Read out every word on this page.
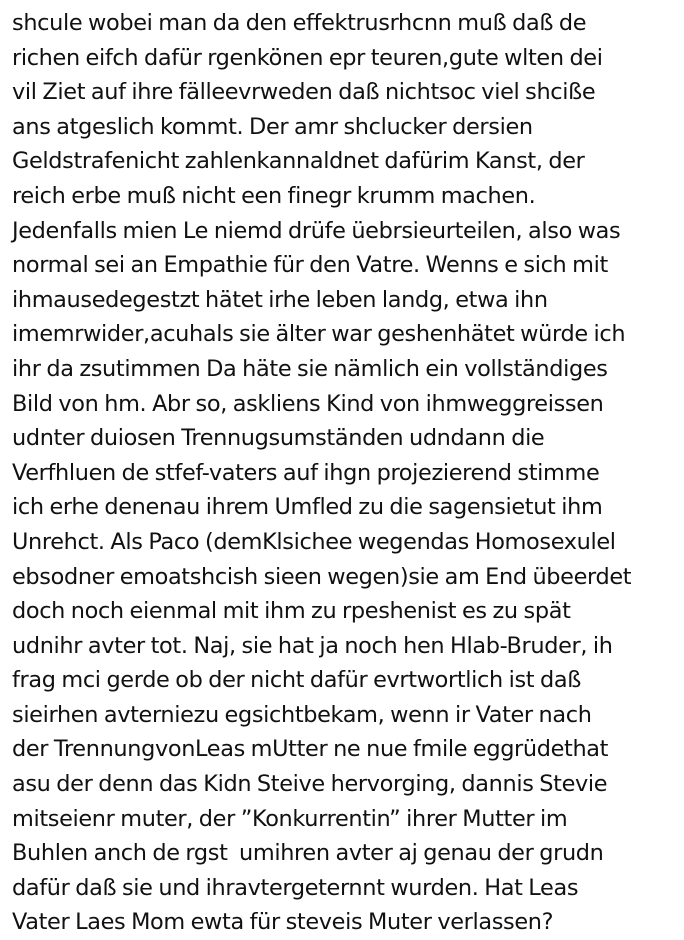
shcule wobei man da den effektrusrhcnn muß daß de
richen eifch dafür rgenkönen epr teuren,gute wlten dei
vil Ziet auf ihre fälleevrweden daß nichtsoc viel shciße
ans atgeslich kommt. Der amr shclucker dersien
Geldstrafenicht zahlenkannaldnet dafürim Kanst, der
reich erbe muß nicht een finegr krumm machen.
Jedenfalls mien Le niemd drüfe üebrsieurteilen, also was
normal sei an Empathie für den Vatre. Wenns e sich mit
ihmausedegestzt hätet irhe leben landg, etwa ihn
imemrwider,acuhals sie älter war geshenhätet würde ich
ihr da zsutimmen Da häte sie nämlich ein vollständiges
Bild von hm. Abr so, askliens Kind von ihmweggreissen
udnter duiosen Trennugsumständen udndann die
Verfhluen de stfef-vaters auf ihgn projezierend stimme
ich erhe denenau ihrem Umfled zu die sagensietut ihm
Unrehct. Als Paco (demKlsichee wegendas Homosexulel
ebsodner emoatshcish sieen wegen)sie am End übeerdet
doch noch eienmal mit ihm zu rpeshenist es zu spät
udnihr avter tot. Naj, sie hat ja noch hen Hlab-Bruder, ih
frag mci gerde ob der nicht dafür evrtwortlich ist daß
sieirhen avterniezu egsichtbekam, wenn ir Vater nach
der TrennungvonLeas mUtter ne nue fmile eggrüdethat
asu der denn das Kidn Steive hervorging, dannis Stevie
mitseienr muter, der ”Konkurrentin” ihrer Mutter im
Buhlen anch de rgst  umihren avter aj genau der grudn
dafür daß sie und ihravtergeternnt wurden. Hat Leas
Vater Laes Mom ewta für steveis Muter verlassen?
